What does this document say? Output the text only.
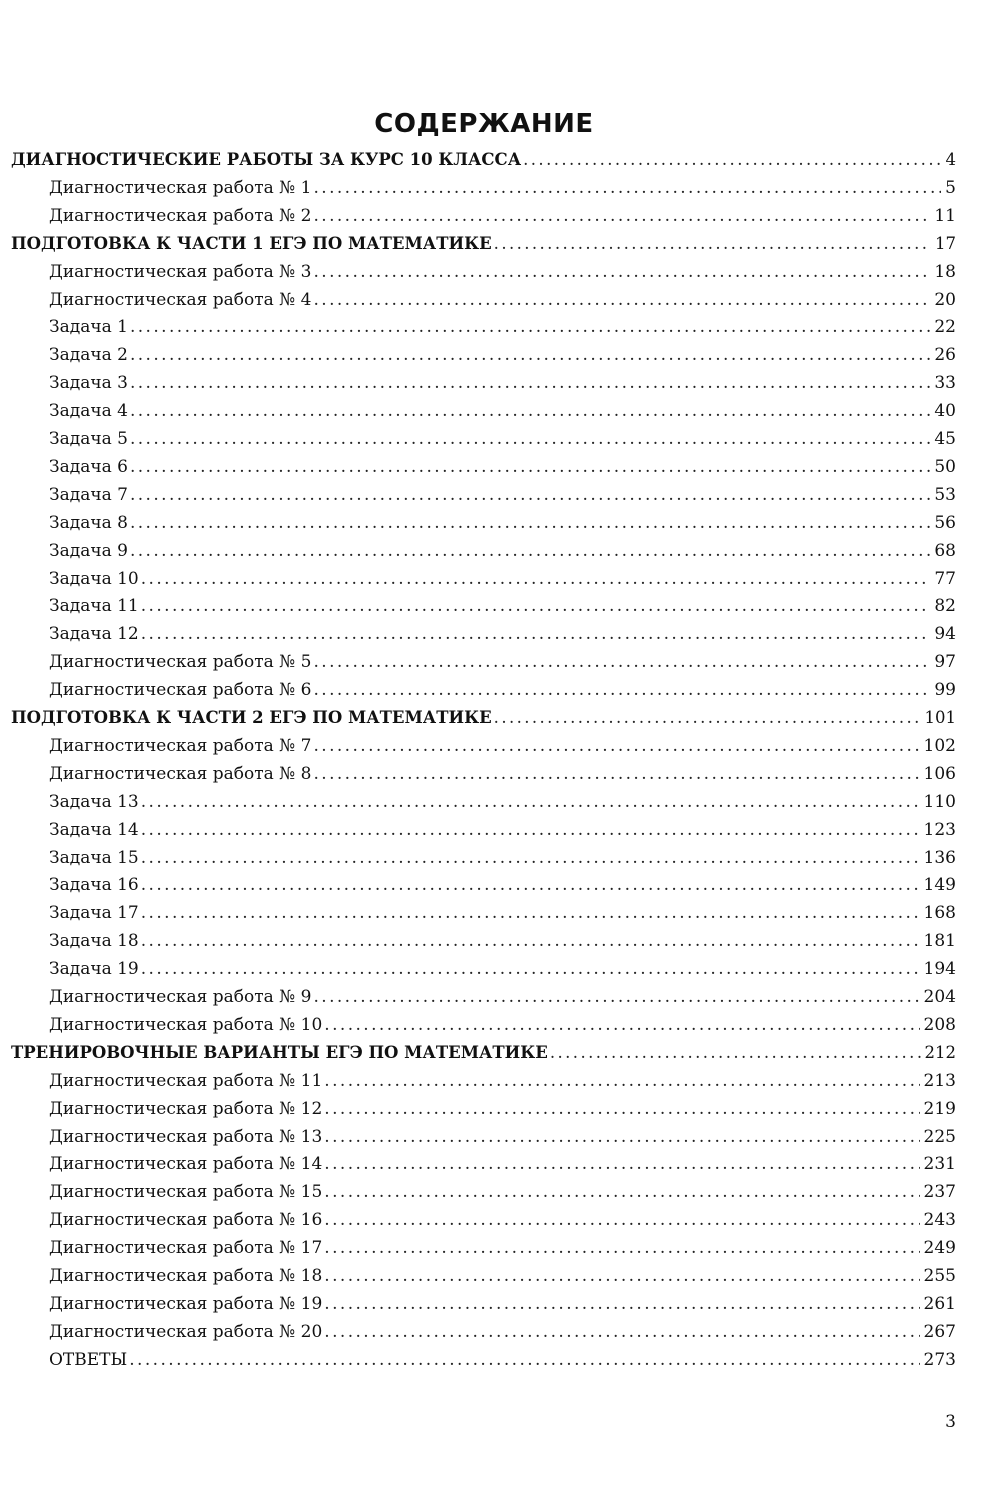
СОДЕРЖАНИЕ
ДИАГНОСТИЧЕСКИЕ РАБОТЫ ЗА КУРС 10 КЛАССА .....	4
Диагностическая работа № 1 .....	5
Диагностическая работа № 2 .....	11
ПОДГОТОВКА К ЧАСТИ 1 ЕГЭ ПО МАТЕМАТИКЕ .....	17
Диагностическая работа № 3 .....	18
Диагностическая работа № 4 .....	20
Задача 1 .....	22
Задача 2 .....	26
Задача 3 .....	33
Задача 4 .....	40
Задача 5 .....	45
Задача 6 .....	50
Задача 7 .....	53
Задача 8 .....	56
Задача 9 .....	68
Задача 10 .....	77
Задача 11 .....	82
Задача 12 .....	94
Диагностическая работа № 5 .....	97
Диагностическая работа № 6 .....	99
ПОДГОТОВКА К ЧАСТИ 2 ЕГЭ ПО МАТЕМАТИКЕ .....	101
Диагностическая работа № 7 .....	102
Диагностическая работа № 8 .....	106
Задача 13 .....	110
Задача 14 .....	123
Задача 15 .....	136
Задача 16 .....	149
Задача 17 .....	168
Задача 18 .....	181
Задача 19 .....	194
Диагностическая работа № 9 .....	204
Диагностическая работа № 10 .....	208
ТРЕНИРОВОЧНЫЕ ВАРИАНТЫ ЕГЭ ПО МАТЕМАТИКЕ .....	212
Диагностическая работа № 11 .....	213
Диагностическая работа № 12 .....	219
Диагностическая работа № 13 .....	225
Диагностическая работа № 14 .....	231
Диагностическая работа № 15 .....	237
Диагностическая работа № 16 .....	243
Диагностическая работа № 17 .....	249
Диагностическая работа № 18 .....	255
Диагностическая работа № 19 .....	261
Диагностическая работа № 20 .....	267
ОТВЕТЫ .....	273
3
